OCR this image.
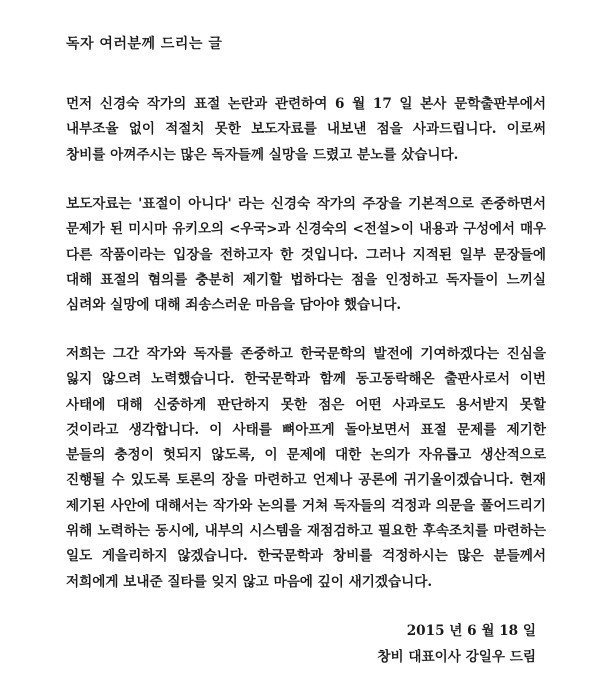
독자 여러분께 드리는 글
먼저 신경숙 작가의 표절 논란과 관련하여 6 월 17 일 본사 문학출판부에서
내부조율 없이 적절치 못한 보도자료를 내보낸 점을 사과드립니다. 이로써
창비를 아껴주시는 많은 독자들께 실망을 드렸고 분노를 샀습니다.
보도자료는 '표절이 아니다' 라는 신경숙 작가의 주장을 기본적으로 존중하면서
문제가 된 미시마 유키오의 <우국>과 신경숙의 <전설>이 내용과 구성에서 매우
다른 작품이라는 입장을 전하고자 한 것입니다. 그러나 지적된 일부 문장들에
대해 표절의 혐의를 충분히 제기할 법하다는 점을 인정하고 독자들이 느끼실
심려와 실망에 대해 죄송스러운 마음을 담아야 했습니다.
저희는 그간 작가와 독자를 존중하고 한국문학의 발전에 기여하겠다는 진심을
잃지 않으려 노력했습니다. 한국문학과 함께 동고동락해온 출판사로서 이번
사태에 대해 신중하게 판단하지 못한 점은 어떤 사과로도 용서받지 못할
것이라고 생각합니다. 이 사태를 뼈아프게 돌아보면서 표절 문제를 제기한
분들의 충정이 헛되지 않도록, 이 문제에 대한 논의가 자유롭고 생산적으로
진행될 수 있도록 토론의 장을 마련하고 언제나 공론에 귀기울이겠습니다. 현재
제기된 사안에 대해서는 작가와 논의를 거쳐 독자들의 걱정과 의문을 풀어드리기
위해 노력하는 동시에, 내부의 시스템을 재점검하고 필요한 후속조치를 마련하는
일도 게을리하지 않겠습니다. 한국문학과 창비를 걱정하시는 많은 분들께서
저희에게 보내준 질타를 잊지 않고 마음에 깊이 새기겠습니다.
2015 년 6 월 18 일
창비 대표이사 강일우 드림
